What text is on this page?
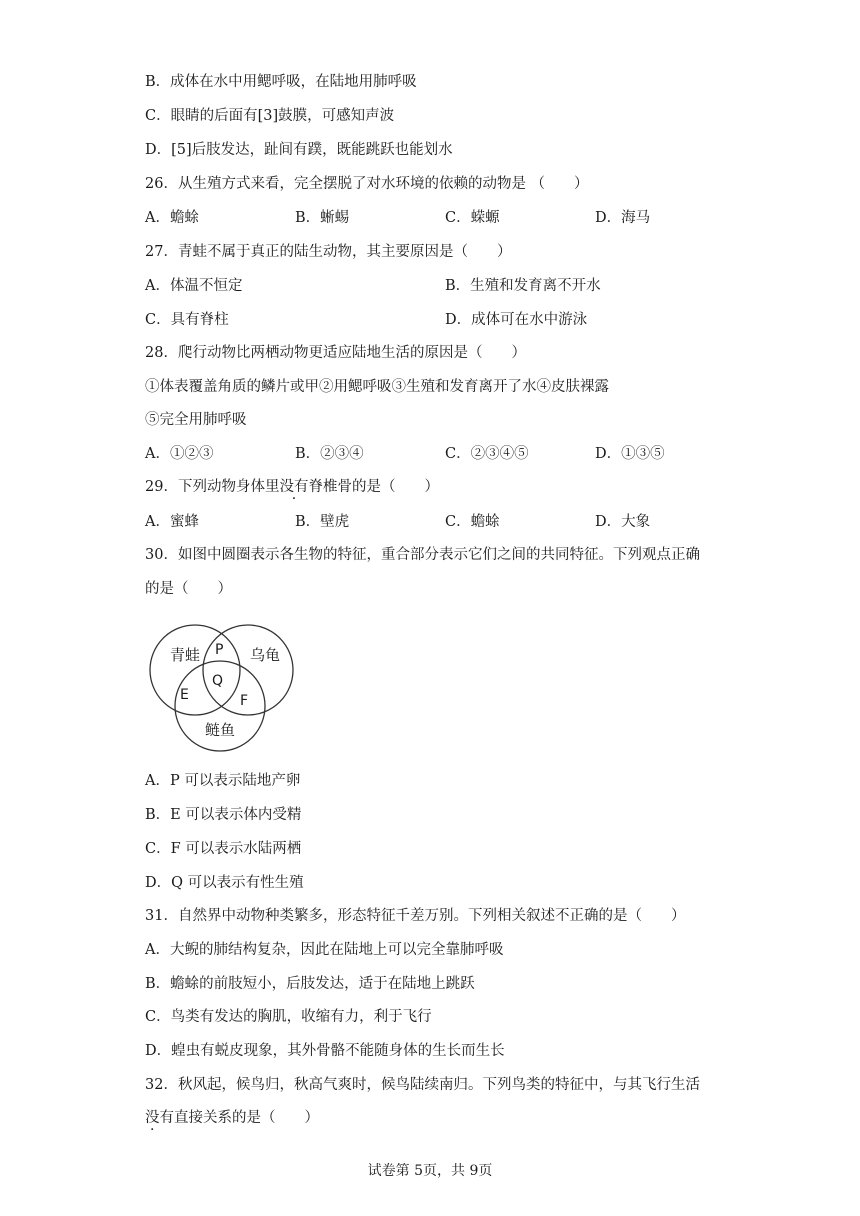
B．成体在水中用鳃呼吸，在陆地用肺呼吸
C．眼睛的后面有[3]鼓膜，可感知声波
D．[5]后肢发达，趾间有蹼，既能跳跃也能划水
26．从生殖方式来看，完全摆脱了对水环境的依赖的动物是 （　　）
A．蟾蜍	B．蜥蜴	C．蝾螈	D．海马
27．青蛙不属于真正的陆生动物，其主要原因是（　　）
A．体温不恒定	B．生殖和发育离不开水
C．具有脊柱	D．成体可在水中游泳
28．爬行动物比两栖动物更适应陆地生活的原因是（　　）
①体表覆盖角质的鳞片或甲②用鳃呼吸③生殖和发育离开了水④皮肤裸露
⑤完全用肺呼吸
A．①②③	B．②③④	C．②③④⑤	D．①③⑤
29．下列动物身体里没有脊椎骨的是（　　）
A．蜜蜂	B．壁虎	C．蟾蜍	D．大象
30．如图中圆圈表示各生物的特征，重合部分表示它们之间的共同特征。下列观点正确
的是（　　）
青蛙	乌龟
鲢鱼
P
E	F
Q
A．P 可以表示陆地产卵
B．E 可以表示体内受精
C．F 可以表示水陆两栖
D．Q 可以表示有性生殖
31．自然界中动物种类繁多，形态特征千差万别。下列相关叙述不正确的是（　　）
A．大鲵的肺结构复杂，因此在陆地上可以完全靠肺呼吸
B．蟾蜍的前肢短小，后肢发达，适于在陆地上跳跃
C．鸟类有发达的胸肌，收缩有力，利于飞行
D．蝗虫有蜕皮现象，其外骨骼不能随身体的生长而生长
32．秋风起，候鸟归，秋高气爽时，候鸟陆续南归。下列鸟类的特征中，与其飞行生活
没有直接关系的是（　　）
试卷第 5页，共 9页
